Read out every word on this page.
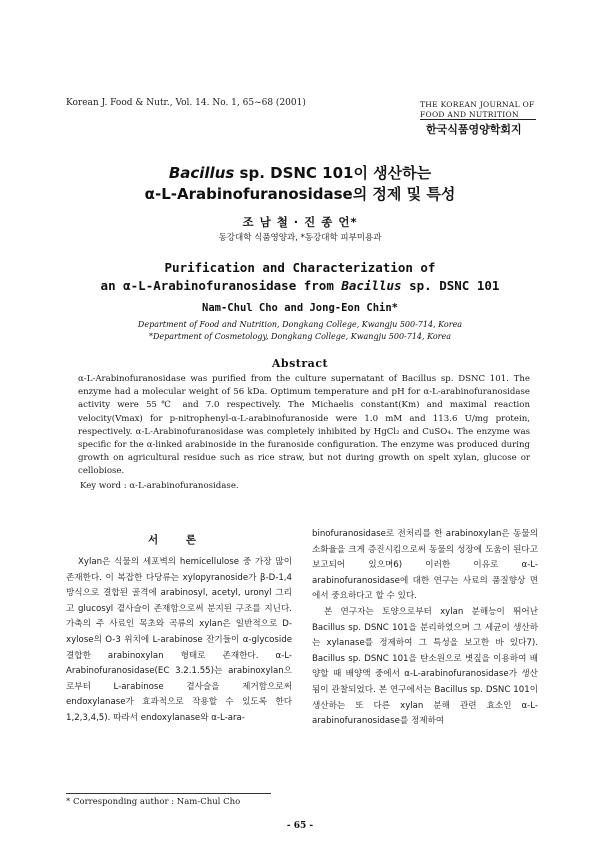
Korean J. Food & Nutr., Vol. 14. No. 1, 65~68 (2001)	THE KOREAN JOURNAL OF
FOOD AND NUTRITION
한국식품영양학회지
Bacillus sp. DSNC 101이 생산하는
α-L-Arabinofuranosidase의 정제 및 특성
조 남 철 · 진 종 언*
동강대학 식품영양과, *동강대학 피부미용과
Purification and Characterization of
an α-L-Arabinofuranosidase from Bacillus sp. DSNC 101
Nam-Chul Cho and Jong-Eon Chin*
Department of Food and Nutrition, Dongkang College, Kwangju 500-714, Korea
*Department of Cosmetology, Dongkang College, Kwangju 500-714, Korea
Abstract

α-L-Arabinofuranosidase was purified from the culture supernatant of Bacillus sp. DSNC 101. The enzyme had a molecular weight of 56 kDa. Optimum temperature and pH for α-L-arabinofuranosidase activity were 55℃ and 7.0 respectively. The Michaelis constant(Km) and maximal reaction velocity(Vmax) for p-nitrophenyl-α-L-arabinofuranoside were 1.0 mM and 113.6 U/mg protein, respectively. α-L-Arabinofuranosidase was completely inhibited by HgCl₂ and CuSO₄. The enzyme was specific for the α-linked arabinoside in the furanoside configuration. The enzyme was produced during growth on agricultural residue such as rice straw, but not during growth on spelt xylan, glucose or cellobiose.

Key word : α-L-arabinofuranosidase.
서 론

Xylan은 식물의 세포벽의 hemicellulose 중 가장 많이 존재한다. 이 복잡한 다당류는 xylopyranoside가 β-D-1,4 방식으로 결합된 골격에 arabinosyl, acetyl, uronyl 그리고 glucosyl 곁사슬이 존재함으로써 분지된 구조를 지닌다. 가축의 주 사료인 목초와 곡류의 xylan은 일반적으로 D-xylose의 O-3 위치에 L-arabinose 잔기들이 α-glycoside 결합한 arabinoxylan 형태로 존재한다. α-L-Arabinofuranosidase(EC 3.2.1.55)는 arabinoxylan으로부터 L-arabinose 곁사슬을 제거함으로써 endoxylanase가 효과적으로 작용할 수 있도록 한다1,2,3,4,5). 따라서 endoxylanase와 α-L-ara-

binofuranosidase로 전처리를 한 arabinoxylan은 동물의 소화율을 크게 증진시킴으로써 동물의 성장에 도움이 된다고 보고되어 있으며6) 이러한 이유로 α-L-arabinofuranosidase에 대한 연구는 사료의 품질향상 면에서 중요하다고 할 수 있다.

본 연구자는 토양으로부터 xylan 분해능이 뛰어난 Bacillus sp. DSNC 101을 분리하였으며 그 세균이 생산하는 xylanase를 정제하여 그 특성을 보고한 바 있다7). Bacillus sp. DSNC 101을 탄소원으로 볏짚을 이용하여 배양할 때 배양액 중에서 α-L-arabinofuranosidase가 생산됨이 관찰되었다. 본 연구에서는 Bacillus sp. DSNC 101이 생산하는 또 다른 xylan 분해 관련 효소인 α-L-arabinofuranosidase를 정제하여

* Corresponding author : Nam-Chul Cho
- 65 -
